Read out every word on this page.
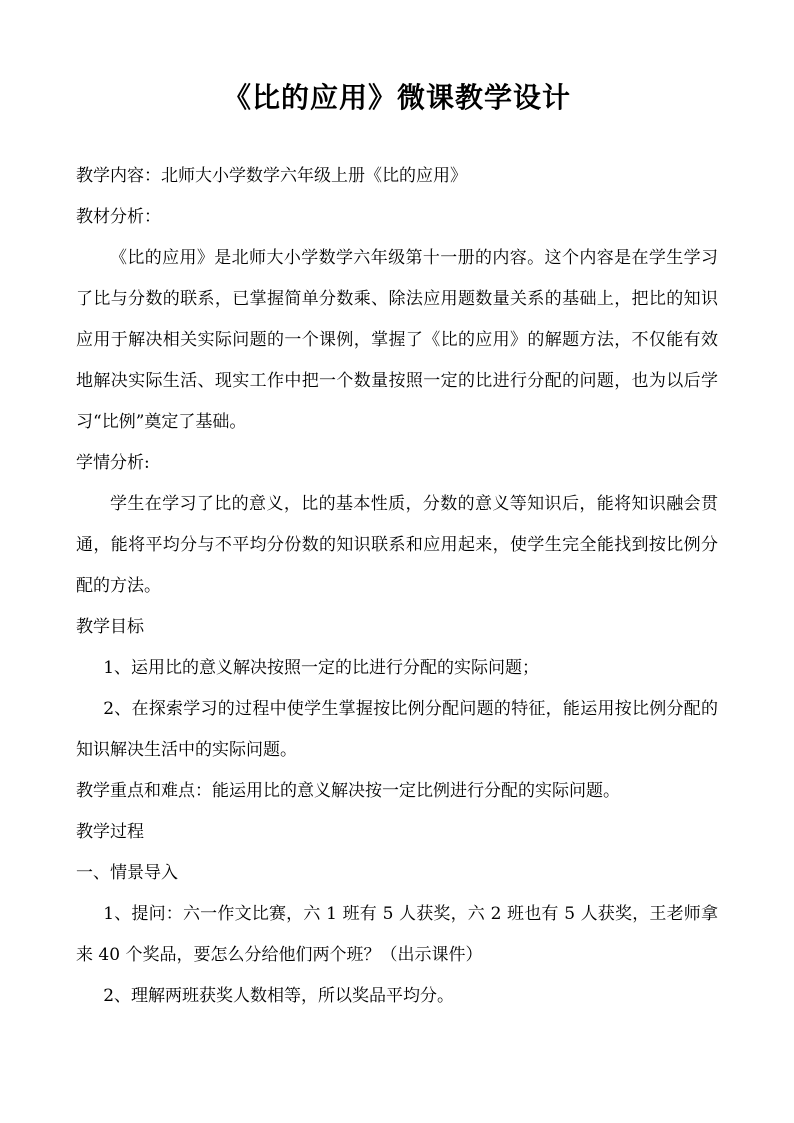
《比的应用》微课教学设计

教学内容：北师大小学数学六年级上册《比的应用》

教材分析：

《比的应用》是北师大小学数学六年级第十一册的内容。这个内容是在学生学习了比与分数的联系，已掌握简单分数乘、除法应用题数量关系的基础上，把比的知识应用于解决相关实际问题的一个课例，掌握了《比的应用》的解题方法，不仅能有效地解决实际生活、现实工作中把一个数量按照一定的比进行分配的问题，也为以后学习“比例”奠定了基础。

学情分析:

学生在学习了比的意义，比的基本性质，分数的意义等知识后，能将知识融会贯通，能将平均分与不平均分份数的知识联系和应用起来，使学生完全能找到按比例分配的方法。

教学目标

1、运用比的意义解决按照一定的比进行分配的实际问题；

2、在探索学习的过程中使学生掌握按比例分配问题的特征，能运用按比例分配的知识解决生活中的实际问题。

教学重点和难点：能运用比的意义解决按一定比例进行分配的实际问题。

教学过程

一、情景导入

1、提问：六一作文比赛，六 1 班有 5 人获奖，六 2 班也有 5 人获奖，王老师拿来 40 个奖品，要怎么分给他们两个班？（出示课件）

2、理解两班获奖人数相等，所以奖品平均分。
